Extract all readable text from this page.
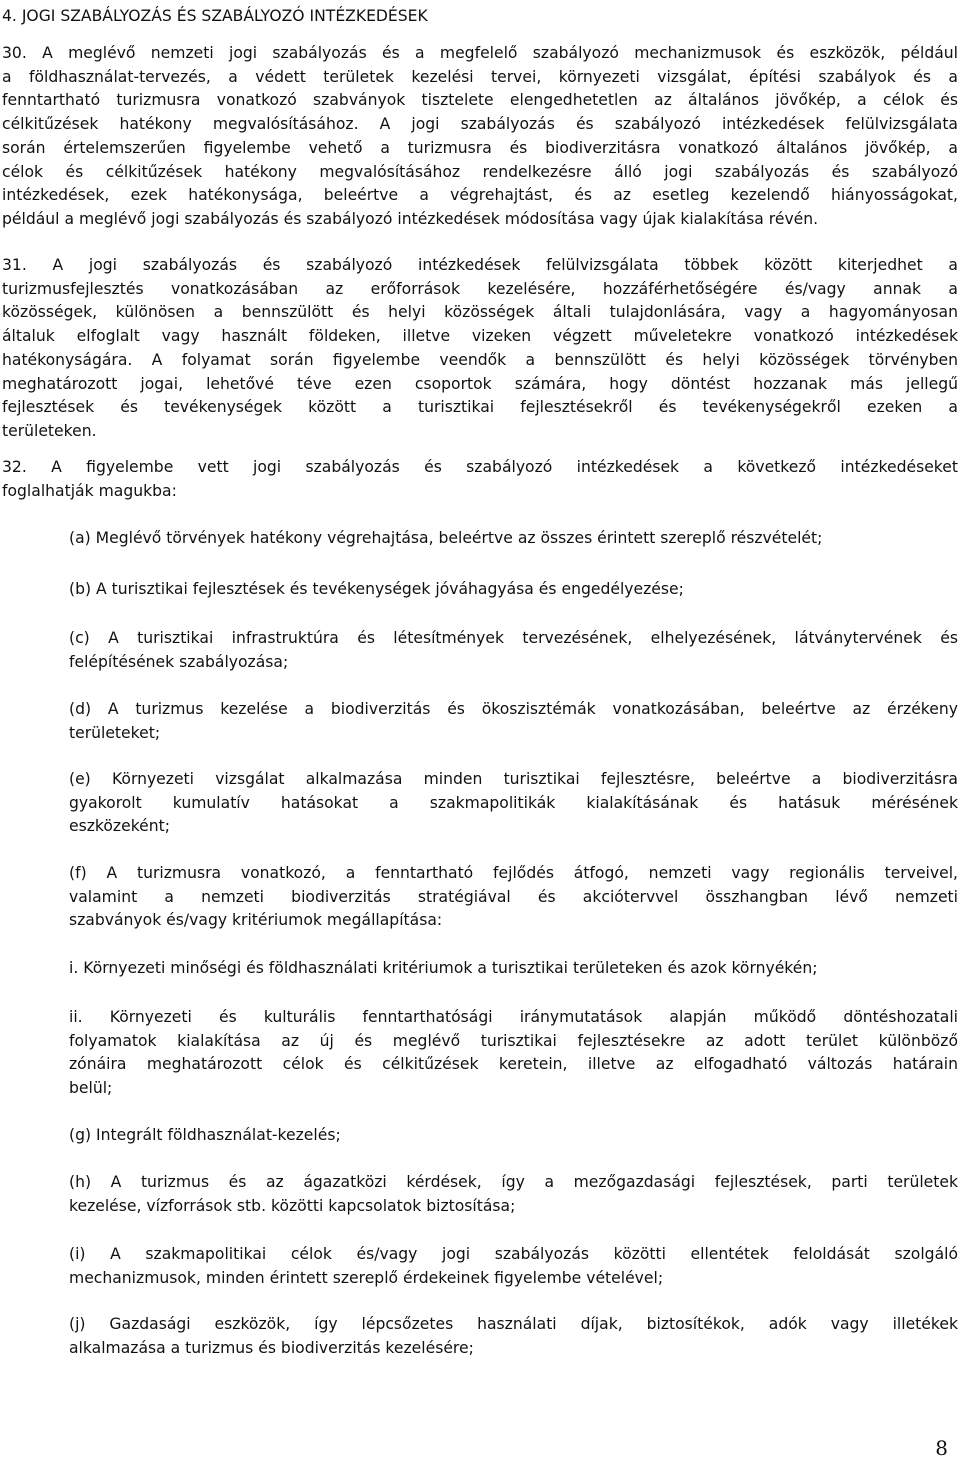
4. JOGI SZABÁLYOZÁS ÉS SZABÁLYOZÓ INTÉZKEDÉSEK
30. A meglévő nemzeti jogi szabályozás és a megfelelő szabályozó mechanizmusok és eszközök, például
a földhasználat-tervezés, a védett területek kezelési tervei, környezeti vizsgálat, építési szabályok és a
fenntartható turizmusra vonatkozó szabványok tisztelete elengedhetetlen az általános jövőkép, a célok és
célkitűzések hatékony megvalósításához. A jogi szabályozás és szabályozó intézkedések felülvizsgálata
során értelemszerűen figyelembe vehető a turizmusra és biodiverzitásra vonatkozó általános jövőkép, a
célok és célkitűzések hatékony megvalósításához rendelkezésre álló jogi szabályozás és szabályozó
intézkedések, ezek hatékonysága, beleértve a végrehajtást, és az esetleg kezelendő hiányosságokat,
például a meglévő jogi szabályozás és szabályozó intézkedések módosítása vagy újak kialakítása révén.
31. A jogi szabályozás és szabályozó intézkedések felülvizsgálata többek között kiterjedhet a
turizmusfejlesztés vonatkozásában az erőforrások kezelésére, hozzáférhetőségére és/vagy annak a
közösségek, különösen a bennszülött és helyi közösségek általi tulajdonlására, vagy a hagyományosan
általuk elfoglalt vagy használt földeken, illetve vizeken végzett műveletekre vonatkozó intézkedések
hatékonyságára. A folyamat során figyelembe veendők a bennszülött és helyi közösségek törvényben
meghatározott jogai, lehetővé téve ezen csoportok számára, hogy döntést hozzanak más jellegű
fejlesztések és tevékenységek között a turisztikai fejlesztésekről és tevékenységekről ezeken a
területeken.
32. A figyelembe vett jogi szabályozás és szabályozó intézkedések a következő intézkedéseket
foglalhatják magukba:
(a) Meglévő törvények hatékony végrehajtása, beleértve az összes érintett szereplő részvételét;
(b) A turisztikai fejlesztések és tevékenységek jóváhagyása és engedélyezése;
(c) A turisztikai infrastruktúra és létesítmények tervezésének, elhelyezésének, látványtervének és
felépítésének szabályozása;
(d) A turizmus kezelése a biodiverzitás és ökoszisztémák vonatkozásában, beleértve az érzékeny
területeket;
(e) Környezeti vizsgálat alkalmazása minden turisztikai fejlesztésre, beleértve a biodiverzitásra
gyakorolt kumulatív hatásokat a szakmapolitikák kialakításának és hatásuk mérésének
eszközeként;
(f) A turizmusra vonatkozó, a fenntartható fejlődés átfogó, nemzeti vagy regionális terveivel,
valamint a nemzeti biodiverzitás stratégiával és akciótervvel összhangban lévő nemzeti
szabványok és/vagy kritériumok megállapítása:
i. Környezeti minőségi és földhasználati kritériumok a turisztikai területeken és azok környékén;
ii. Környezeti és kulturális fenntarthatósági iránymutatások alapján működő döntéshozatali
folyamatok kialakítása az új és meglévő turisztikai fejlesztésekre az adott terület különböző
zónáira meghatározott célok és célkitűzések keretein, illetve az elfogadható változás határain
belül;
(g) Integrált földhasználat-kezelés;
(h) A turizmus és az ágazatközi kérdések, így a mezőgazdasági fejlesztések, parti területek
kezelése, vízforrások stb. közötti kapcsolatok biztosítása;
(i) A szakmapolitikai célok és/vagy jogi szabályozás közötti ellentétek feloldását szolgáló
mechanizmusok, minden érintett szereplő érdekeinek figyelembe vételével;
(j) Gazdasági eszközök, így lépcsőzetes használati díjak, biztosítékok, adók vagy illetékek
alkalmazása a turizmus és biodiverzitás kezelésére;
8
